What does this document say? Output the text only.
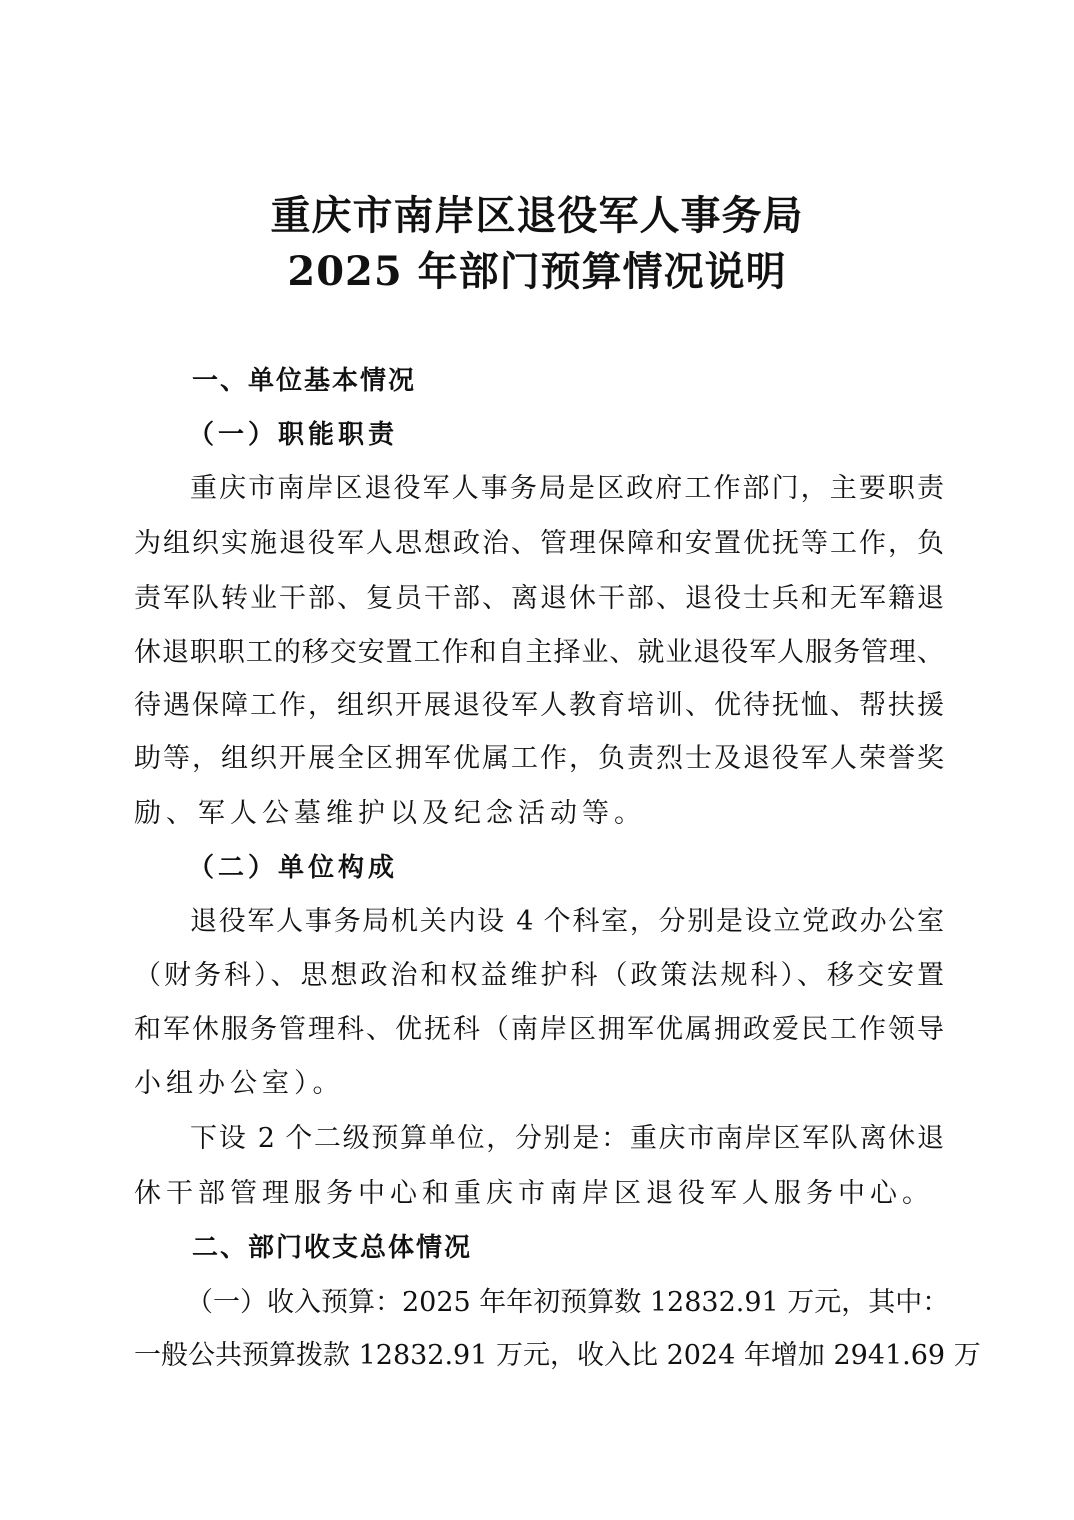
重庆市南岸区退役军人事务局
2025 年部门预算情况说明
一、单位基本情况
（一）职能职责

重庆市南岸区退役军人事务局是区政府工作部门，主要职责

为组织实施退役军人思想政治、管理保障和安置优抚等工作，负

责军队转业干部、复员干部、离退休干部、退役士兵和无军籍退

休退职职工的移交安置工作和自主择业、就业退役军人服务管理、

待遇保障工作，组织开展退役军人教育培训、优待抚恤、帮扶援

助等，组织开展全区拥军优属工作，负责烈士及退役军人荣誉奖

励、军人公墓维护以及纪念活动等。

（二）单位构成

退役军人事务局机关内设 4 个科室，分别是设立党政办公室

（财务科）、思想政治和权益维护科（政策法规科）、移交安置

和军休服务管理科、优抚科（南岸区拥军优属拥政爱民工作领导

小组办公室）。

下设 2 个二级预算单位，分别是：重庆市南岸区军队离休退

休干部管理服务中心和重庆市南岸区退役军人服务中心。

二、部门收支总体情况

（一）收入预算：2025 年年初预算数 12832.91 万元，其中：

一般公共预算拨款 12832.91 万元，收入比 2024 年增加 2941.69 万
